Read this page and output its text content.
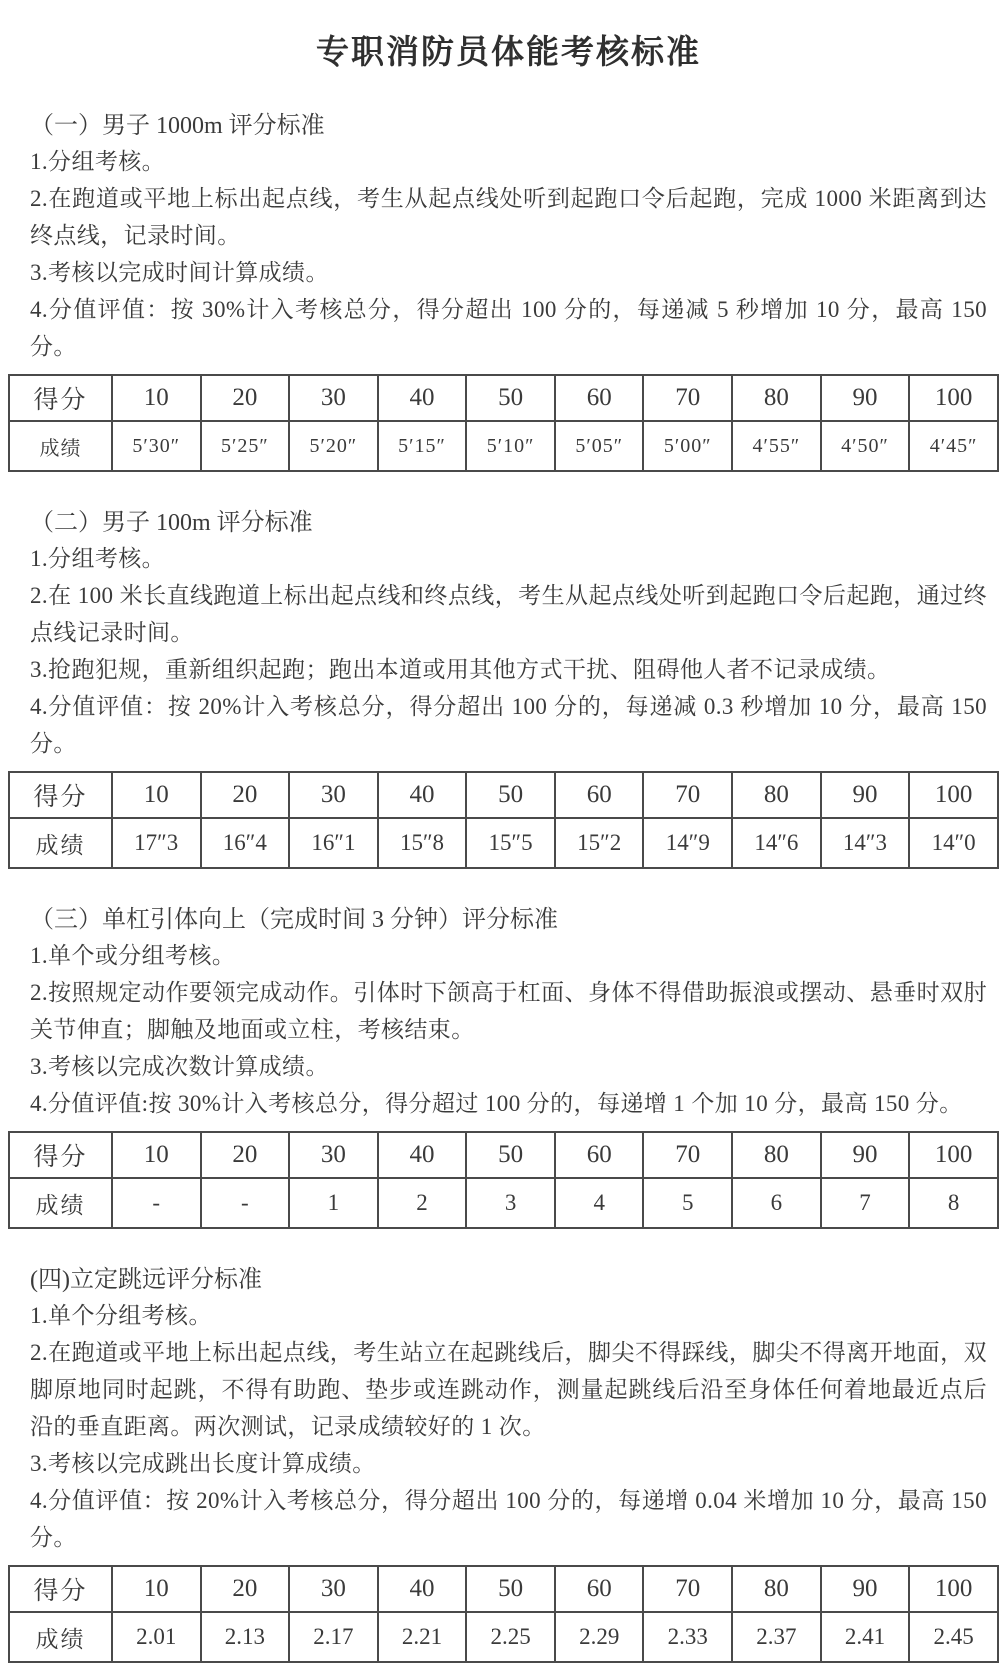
专职消防员体能考核标准
（一）男子 1000m 评分标准

1.分组考核。

2.在跑道或平地上标出起点线，考生从起点线处听到起跑口令后起跑，完成 1000 米距离到达终点线，记录时间。

3.考核以完成时间计算成绩。

4.分值评值：按 30%计入考核总分，得分超出 100 分的，每递减 5 秒增加 10 分，最高 150 分。

得分	10	20	30	40	50	60	70	80	90	100
成绩	5′30″	5′25″	5′20″	5′15″	5′10″	5′05″	5′00″	4′55″	4′50″	4′45″
（二）男子 100m 评分标准

1.分组考核。

2.在 100 米长直线跑道上标出起点线和终点线，考生从起点线处听到起跑口令后起跑，通过终点线记录时间。

3.抢跑犯规，重新组织起跑；跑出本道或用其他方式干扰、阻碍他人者不记录成绩。

4.分值评值：按 20%计入考核总分，得分超出 100 分的，每递减 0.3 秒增加 10 分，最高 150 分。

得分	10	20	30	40	50	60	70	80	90	100
成绩	17″3	16″4	16″1	15″8	15″5	15″2	14″9	14″6	14″3	14″0
（三）单杠引体向上（完成时间 3 分钟）评分标准

1.单个或分组考核。

2.按照规定动作要领完成动作。引体时下颌高于杠面、身体不得借助振浪或摆动、悬垂时双肘关节伸直；脚触及地面或立柱，考核结束。

3.考核以完成次数计算成绩。

4.分值评值:按 30%计入考核总分，得分超过 100 分的，每递增 1 个加 10 分，最高 150 分。

得分	10	20	30	40	50	60	70	80	90	100
成绩	-	-	1	2	3	4	5	6	7	8
(四)立定跳远评分标准

1.单个分组考核。

2.在跑道或平地上标出起点线，考生站立在起跳线后，脚尖不得踩线，脚尖不得离开地面，双脚原地同时起跳，不得有助跑、垫步或连跳动作，测量起跳线后沿至身体任何着地最近点后沿的垂直距离。两次测试，记录成绩较好的 1 次。

3.考核以完成跳出长度计算成绩。

4.分值评值：按 20%计入考核总分，得分超出 100 分的，每递增 0.04 米增加 10 分，最高 150 分。

得分	10	20	30	40	50	60	70	80	90	100
成绩	2.01	2.13	2.17	2.21	2.25	2.29	2.33	2.37	2.41	2.45
